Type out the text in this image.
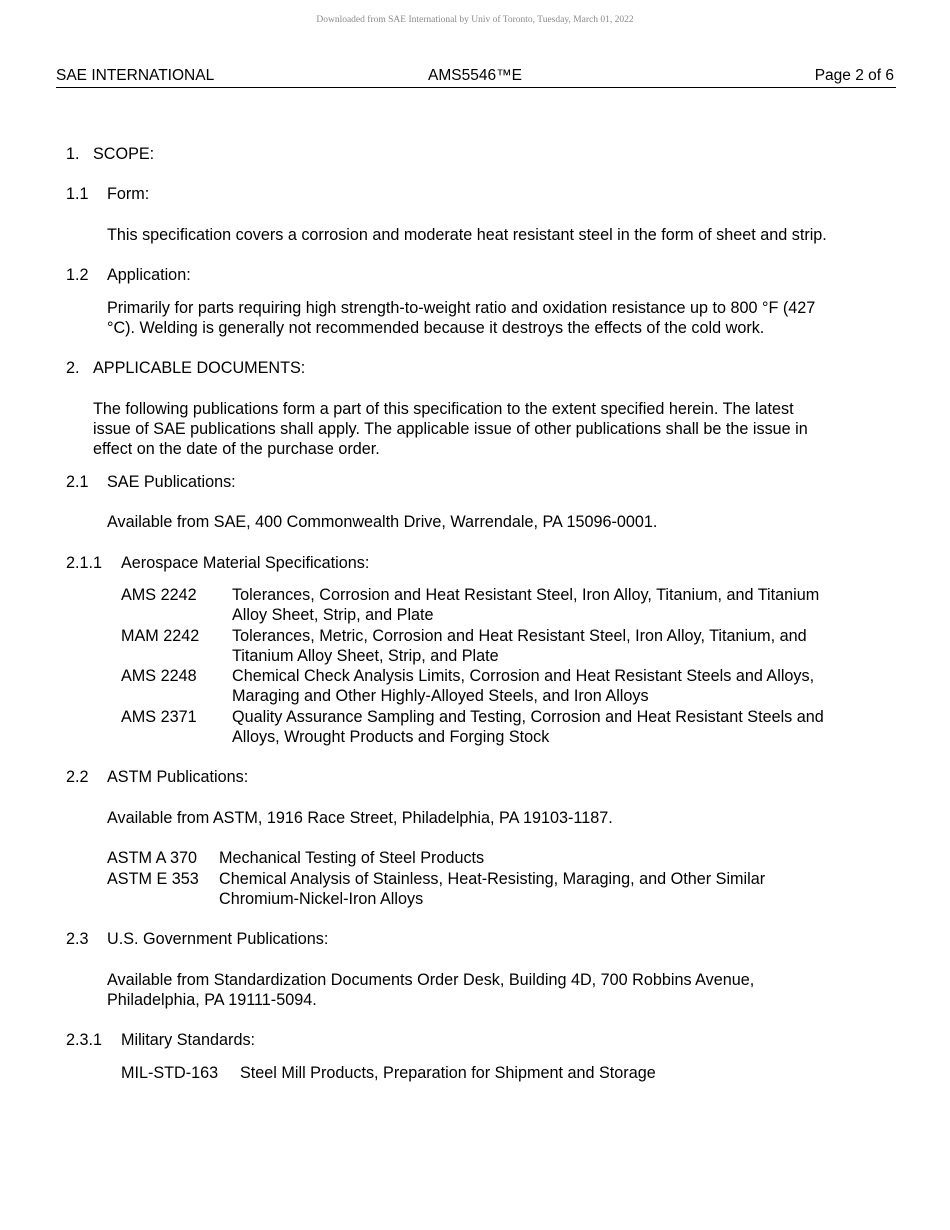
Downloaded from SAE International by Univ of Toronto, Tuesday, March 01, 2022
SAE INTERNATIONAL	AMS5546™E	Page 2 of 6
1. SCOPE:
1.1 Form:
This specification covers a corrosion and moderate heat resistant steel in the form of sheet and strip.
1.2 Application:
Primarily for parts requiring high strength-to-weight ratio and oxidation resistance up to 800 °F (427
°C). Welding is generally not recommended because it destroys the effects of the cold work.
2. APPLICABLE DOCUMENTS:
The following publications form a part of this specification to the extent specified herein. The latest
issue of SAE publications shall apply. The applicable issue of other publications shall be the issue in
effect on the date of the purchase order.
2.1 SAE Publications:
Available from SAE, 400 Commonwealth Drive, Warrendale, PA 15096-0001.
2.1.1 Aerospace Material Specifications:
AMS 2242 Tolerances, Corrosion and Heat Resistant Steel, Iron Alloy, Titanium, and Titanium
Alloy Sheet, Strip, and Plate
MAM 2242 Tolerances, Metric, Corrosion and Heat Resistant Steel, Iron Alloy, Titanium, and
Titanium Alloy Sheet, Strip, and Plate
AMS 2248 Chemical Check Analysis Limits, Corrosion and Heat Resistant Steels and Alloys,
Maraging and Other Highly-Alloyed Steels, and Iron Alloys
AMS 2371 Quality Assurance Sampling and Testing, Corrosion and Heat Resistant Steels and
Alloys, Wrought Products and Forging Stock
2.2 ASTM Publications:
Available from ASTM, 1916 Race Street, Philadelphia, PA 19103-1187.
ASTM A 370 Mechanical Testing of Steel Products
ASTM E 353 Chemical Analysis of Stainless, Heat-Resisting, Maraging, and Other Similar
Chromium-Nickel-Iron Alloys
2.3 U.S. Government Publications:
Available from Standardization Documents Order Desk, Building 4D, 700 Robbins Avenue,
Philadelphia, PA 19111-5094.
2.3.1 Military Standards:
MIL-STD-163 Steel Mill Products, Preparation for Shipment and Storage
